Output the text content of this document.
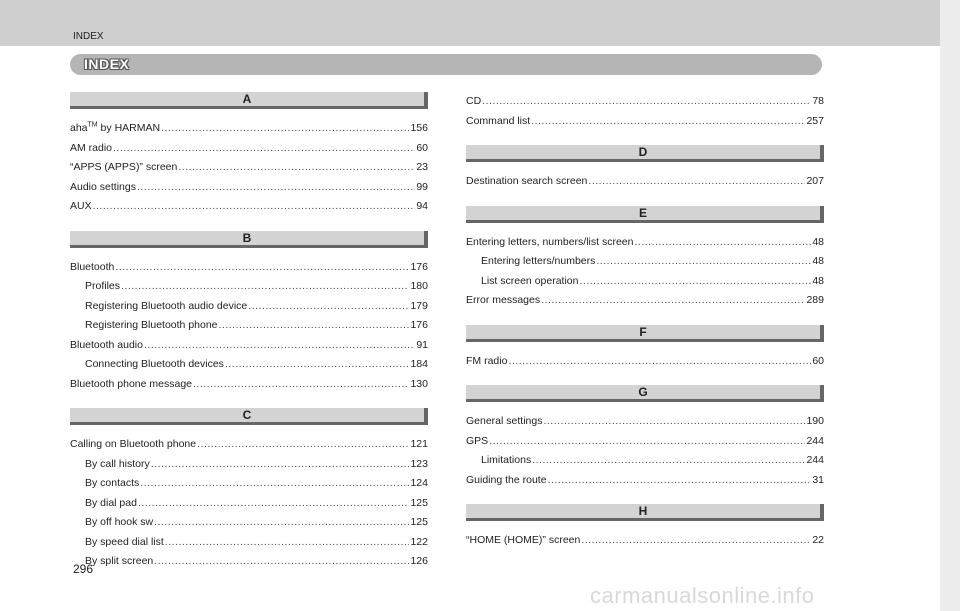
INDEX
INDEX
A
aha™ by HARMAN .....	156
AM radio .....	60
“APPS (APPS)” screen .....	23
Audio settings .....	99
AUX .....	94
B
Bluetooth .....	176
Profiles .....	180
Registering Bluetooth audio device .....	179
Registering Bluetooth phone .....	176
Bluetooth audio .....	91
Connecting Bluetooth devices .....	184
Bluetooth phone message .....	130
C
Calling on Bluetooth phone .....	121
By call history .....	123
By contacts .....	124
By dial pad .....	125
By off hook sw .....	125
By speed dial list .....	122
By split screen .....	126
CD .....	78
Command list .....	257
D
Destination search screen .....	207
E
Entering letters, numbers/list screen .....	48
Entering letters/numbers .....	48
List screen operation .....	48
Error messages .....	289
F
FM radio .....	60
G
General settings .....	190
GPS .....	244
Limitations .....	244
Guiding the route .....	31
H
“HOME (HOME)” screen .....	22
296
carmanualsonline.info
